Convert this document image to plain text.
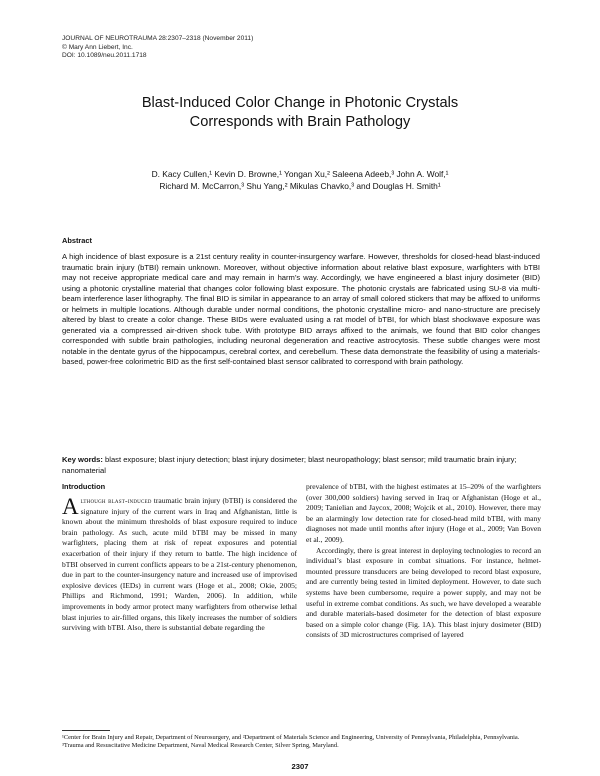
JOURNAL OF NEUROTRAUMA 28:2307–2318 (November 2011)
© Mary Ann Liebert, Inc.
DOI: 10.1089/neu.2011.1718
Blast-Induced Color Change in Photonic Crystals
Corresponds with Brain Pathology
D. Kacy Cullen,¹ Kevin D. Browne,¹ Yongan Xu,² Saleena Adeeb,³ John A. Wolf,¹
Richard M. McCarron,³ Shu Yang,² Mikulas Chavko,³ and Douglas H. Smith¹
Abstract
A high incidence of blast exposure is a 21st century reality in counter-insurgency warfare. However, thresholds for closed-head blast-induced traumatic brain injury (bTBI) remain unknown. Moreover, without objective information about relative blast exposure, warfighters with bTBI may not receive appropriate medical care and may remain in harm’s way. Accordingly, we have engineered a blast injury dosimeter (BID) using a photonic crystalline material that changes color following blast exposure. The photonic crystals are fabricated using SU-8 via multi-beam interference laser lithography. The final BID is similar in appearance to an array of small colored stickers that may be affixed to uniforms or helmets in multiple locations. Although durable under normal conditions, the photonic crystalline micro- and nano-structure are precisely altered by blast to create a color change. These BIDs were evaluated using a rat model of bTBI, for which blast shockwave exposure was generated via a compressed air-driven shock tube. With prototype BID arrays affixed to the animals, we found that BID color changes corresponded with subtle brain pathologies, including neuronal degeneration and reactive astrocytosis. These subtle changes were most notable in the dentate gyrus of the hippocampus, cerebral cortex, and cerebellum. These data demonstrate the feasibility of using a materials-based, power-free colorimetric BID as the first self-contained blast sensor calibrated to correspond with brain pathology.
Key words: blast exposure; blast injury detection; blast injury dosimeter; blast neuropathology; blast sensor; mild traumatic brain injury; nanomaterial
Introduction

Although blast-induced traumatic brain injury (bTBI) is considered the signature injury of the current wars in Iraq and Afghanistan, little is known about the minimum thresholds of blast exposure required to induce brain pathology. As such, acute mild bTBI may be missed in many warfighters, placing them at risk of repeat exposures and potential exacerbation of their injury if they return to battle. The high incidence of bTBI observed in current conflicts appears to be a 21st-century phenomenon, due in part to the counter-insurgency nature and increased use of improvised explosive devices (IEDs) in current wars (Hoge et al., 2008; Okie, 2005; Phillips and Richmond, 1991; Warden, 2006). In addition, while improvements in body armor protect many warfighters from otherwise lethal blast injuries to air-filled organs, this likely increases the number of soldiers surviving with bTBI. Also, there is substantial debate regarding the

prevalence of bTBI, with the highest estimates at 15–20% of the warfighters (over 300,000 soldiers) having served in Iraq or Afghanistan (Hoge et al., 2009; Tanielian and Jaycox, 2008; Wojcik et al., 2010). However, there may be an alarmingly low detection rate for closed-head mild bTBI, with many diagnoses not made until months after injury (Hoge et al., 2009; Van Boven et al., 2009).

Accordingly, there is great interest in deploying technologies to record an individual’s blast exposure in combat situations. For instance, helmet-mounted pressure transducers are being developed to record blast exposure, and are currently being tested in limited deployment. However, to date such systems have been cumbersome, require a power supply, and may not be useful in extreme combat conditions. As such, we have developed a wearable and durable materials-based dosimeter for the detection of blast exposure based on a simple color change (Fig. 1A). This blast injury dosimeter (BID) consists of 3D microstructures comprised of layered

¹Center for Brain Injury and Repair, Department of Neurosurgery, and ²Department of Materials Science and Engineering, University of Pennsylvania, Philadelphia, Pennsylvania.

³Trauma and Resuscitative Medicine Department, Naval Medical Research Center, Silver Spring, Maryland.

2307
